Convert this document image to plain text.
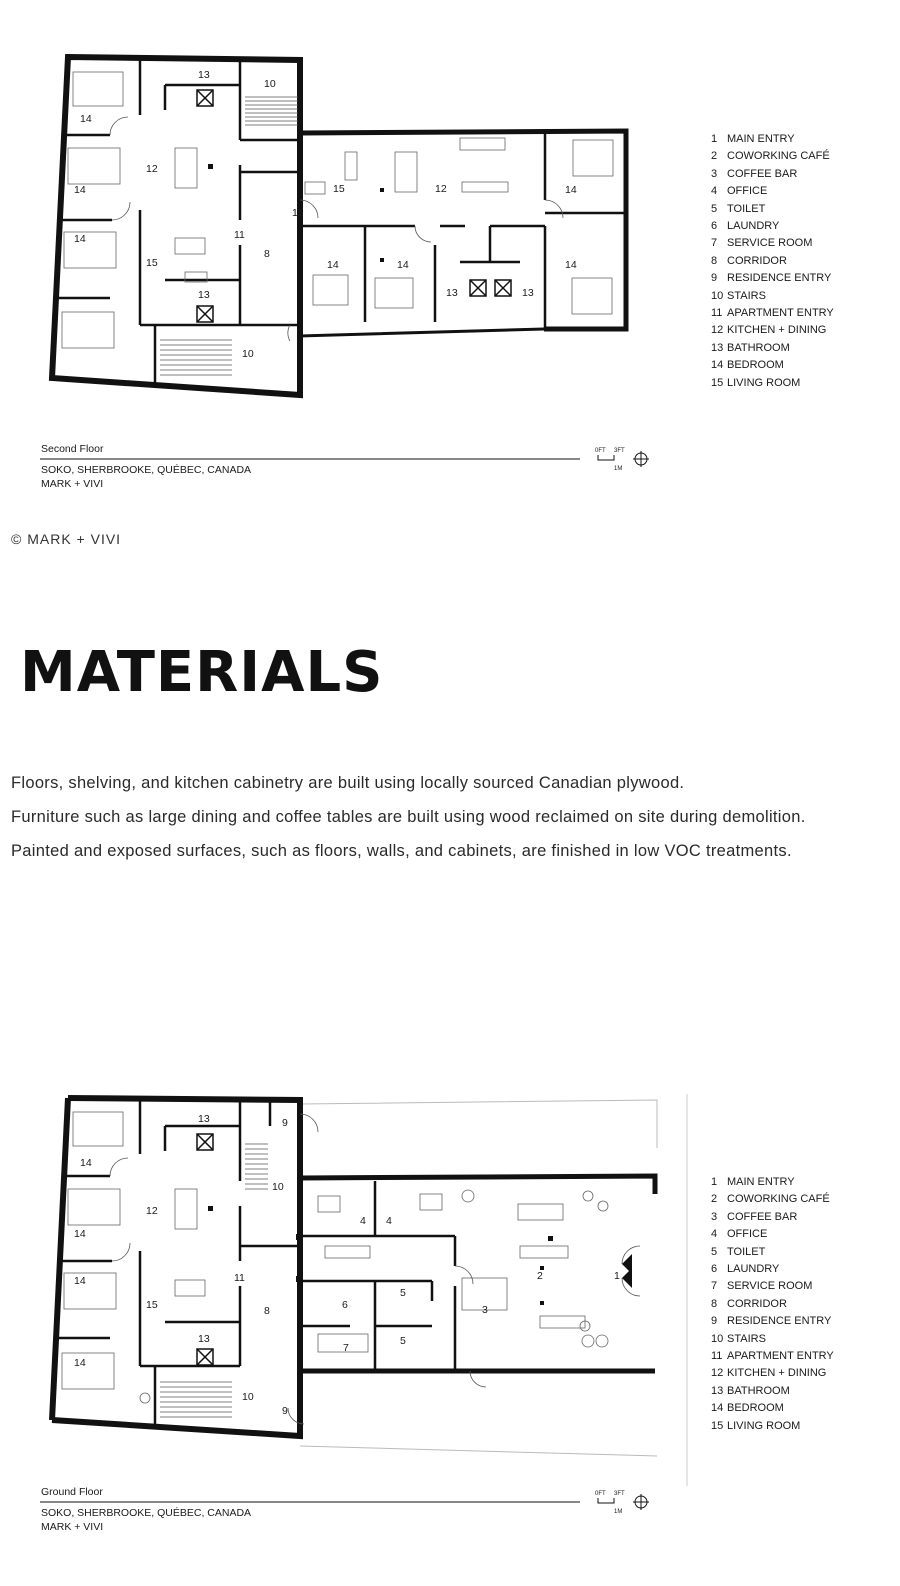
13
10
14
12
15	12
14	14
11
11
8
15
14
14
13	13
14	14
13
10
1 MAIN ENTRY
2 COWORKING CAFÉ
3 COFFEE BAR
4 OFFICE
5 TOILET
6 LAUNDRY
7 SERVICE ROOM
8 CORRIDOR
9 RESIDENCE ENTRY
10 STAIRS
11 APARTMENT ENTRY
12 KITCHEN + DINING
13 BATHROOM
14 BEDROOM
15 LIVING ROOM
Second Floor
SOKO, SHERBROOKE, QUÉBEC, CANADA
MARK + VIVI
0FT 3FT
1M
© MARK + VIVI
MATERIALS

Floors, shelving, and kitchen cabinetry are built using locally sourced Canadian plywood.

Furniture such as large dining and coffee tables are built using wood reclaimed on site during demolition.

Painted and exposed surfaces, such as floors, walls, and cabinets, are finished in low VOC treatments.

13	9
14
10
12
4 4
14
2	1
11
3
14
15	6
5
8
5
13
7
14
10
9
1 MAIN ENTRY
2 COWORKING CAFÉ
3 COFFEE BAR
4 OFFICE
5 TOILET
6 LAUNDRY
7 SERVICE ROOM
8 CORRIDOR
9 RESIDENCE ENTRY
10 STAIRS
11 APARTMENT ENTRY
12 KITCHEN + DINING
13 BATHROOM
14 BEDROOM
15 LIVING ROOM
Ground Floor
SOKO, SHERBROOKE, QUÉBEC, CANADA
MARK + VIVI
0FT 3FT
1M
